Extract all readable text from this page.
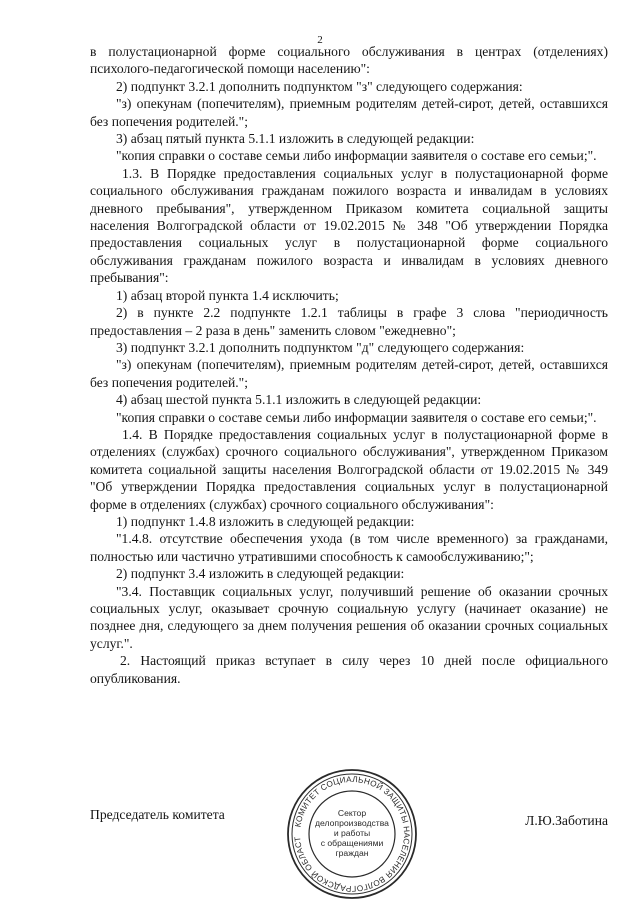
2

в полустационарной форме социального обслуживания в центрах (отделениях) психолого-педагогической помощи населению":

2) подпункт 3.2.1 дополнить подпунктом "з" следующего содержания:

"з) опекунам (попечителям), приемным родителям детей-сирот, детей, оставшихся без попечения родителей.";

3) абзац пятый пункта 5.1.1 изложить в следующей редакции:

"копия справки о составе семьи либо информации заявителя о составе его семьи;".

1.3. В Порядке предоставления социальных услуг в полустационарной форме социального обслуживания гражданам пожилого возраста и инвалидам в условиях дневного пребывания", утвержденном Приказом комитета социальной защиты населения Волгоградской области от 19.02.2015 № 348 "Об утверждении Порядка предоставления социальных услуг в полустационарной форме социального обслуживания гражданам пожилого возраста и инвалидам в условиях дневного пребывания":

1) абзац второй пункта 1.4 исключить;

2) в пункте 2.2 подпункте 1.2.1 таблицы в графе 3 слова "периодичность предоставления – 2 раза в день" заменить словом "ежедневно";

3) подпункт 3.2.1 дополнить подпунктом "д" следующего содержания:

"з) опекунам (попечителям), приемным родителям детей-сирот, детей, оставшихся без попечения родителей.";

4) абзац шестой пункта 5.1.1 изложить в следующей редакции:

"копия справки о составе семьи либо информации заявителя о составе его семьи;".

1.4. В Порядке предоставления социальных услуг в полустационарной форме в отделениях (службах) срочного социального обслуживания", утвержденном Приказом комитета социальной защиты населения Волгоградской области от 19.02.2015 № 349 "Об утверждении Порядка предоставления социальных услуг в полустационарной форме в отделениях (службах) срочного социального обслуживания":

1) подпункт 1.4.8 изложить в следующей редакции:

"1.4.8. отсутствие обеспечения ухода (в том числе временного) за гражданами, полностью или частично утратившими способность к самообслуживанию;";

2) подпункт 3.4 изложить в следующей редакции:

"3.4. Поставщик социальных услуг, получивший решение об оказании срочных социальных услуг, оказывает срочную социальную услугу (начинает оказание) не позднее дня, следующего за днем получения решения об оказании срочных социальных услуг.".

2. Настоящий приказ вступает в силу через 10 дней после официального опубликования.

Председатель комитета	Л.Ю.Заботина
КОМИТЕТ СОЦИАЛЬНОЙ ЗАЩИТЫ НАСЕЛЕНИЯ ВОЛГОГРАДСКОЙ ОБЛАСТ
Сектор
делопроизводства
и работы
с обращениями
граждан
